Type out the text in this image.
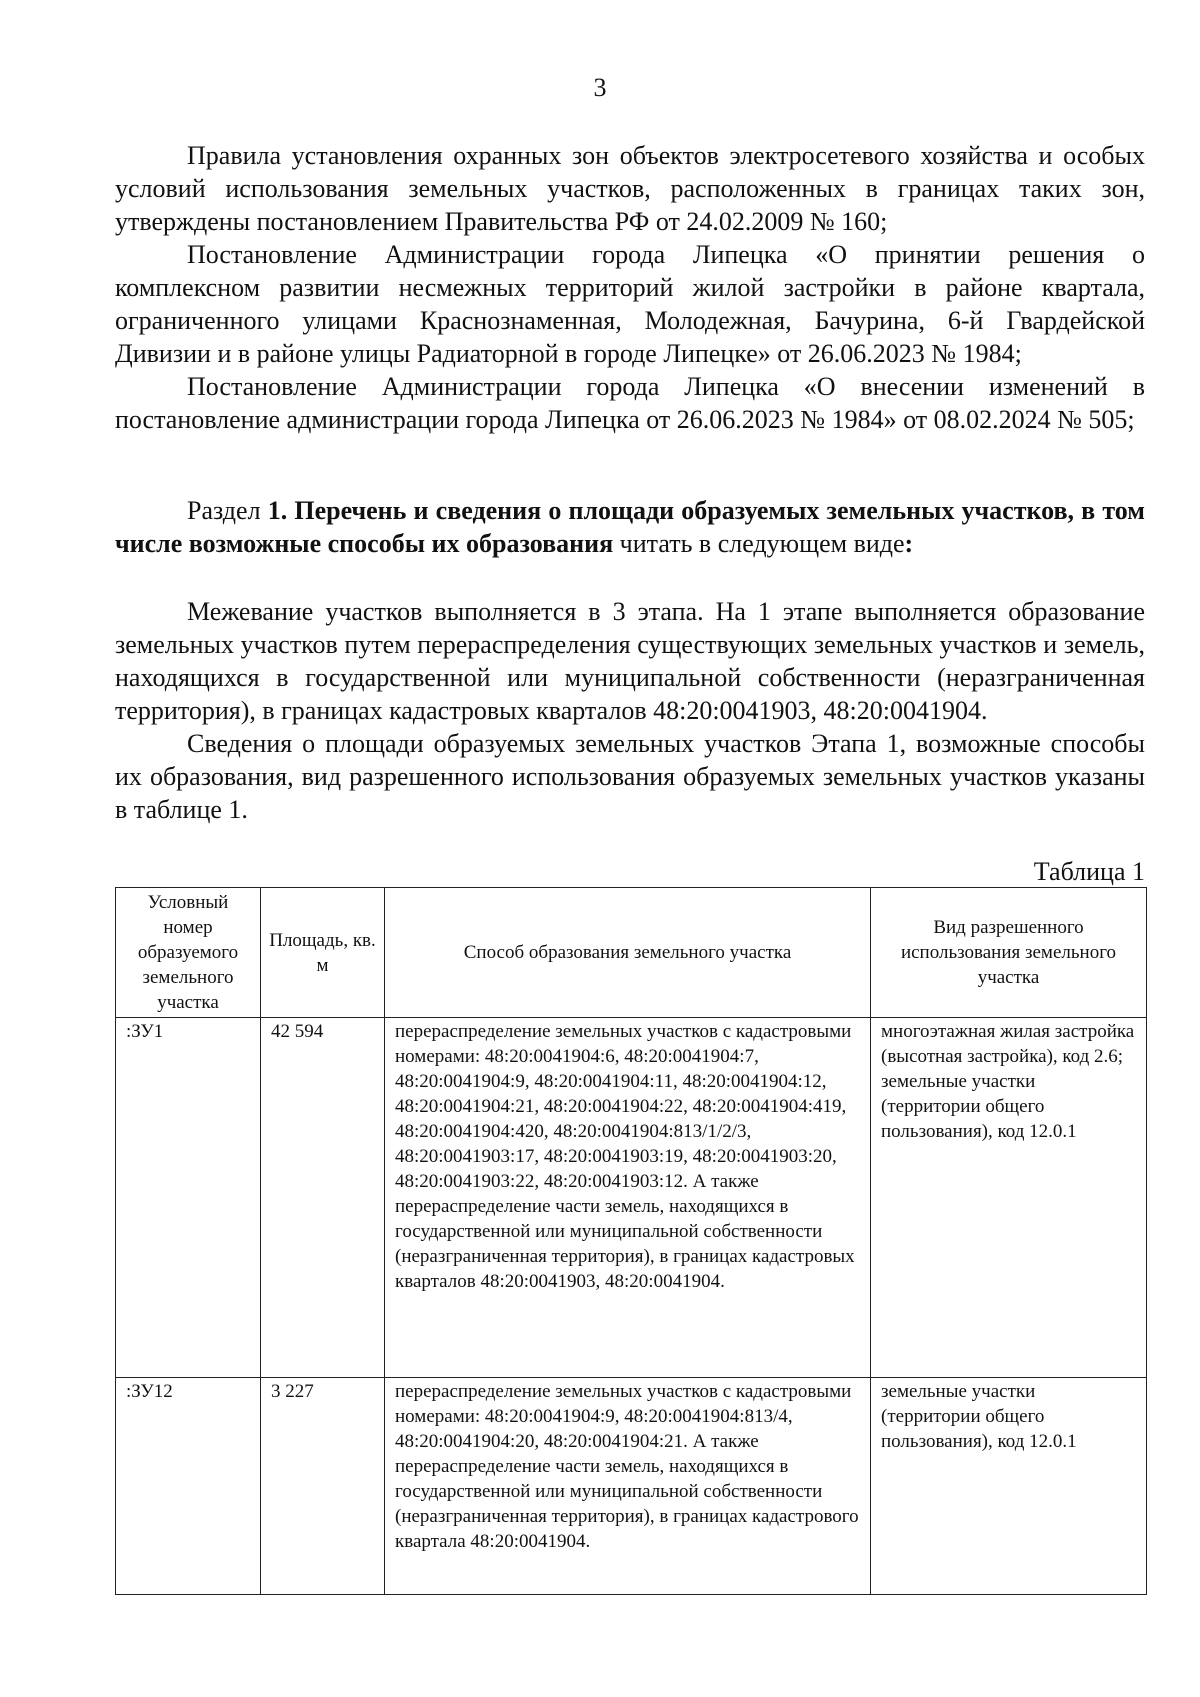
3

Правила установления охранных зон объектов электросетевого хозяйства и особых условий использования земельных участков, расположенных в границах таких зон, утверждены постановлением Правительства РФ от 24.02.2009 № 160;

Постановление Администрации города Липецка «О принятии решения о комплексном развитии несмежных территорий жилой застройки в районе квартала, ограниченного улицами Краснознаменная, Молодежная, Бачурина, 6-й Гвардейской Дивизии и в районе улицы Радиаторной в городе Липецке» от 26.06.2023 № 1984;

Постановление Администрации города Липецка «О внесении изменений в постановление администрации города Липецка от 26.06.2023 № 1984» от 08.02.2024 № 505;

Раздел 1. Перечень и сведения о площади образуемых земельных участков, в том числе возможные способы их образования читать в следующем виде:

Межевание участков выполняется в 3 этапа. На 1 этапе выполняется образование земельных участков путем перераспределения существующих земельных участков и земель, находящихся в государственной или муниципальной собственности (неразграниченная территория), в границах кадастровых кварталов 48:20:0041903, 48:20:0041904.

Сведения о площади образуемых земельных участков Этапа 1, возможные способы их образования, вид разрешенного использования образуемых земельных участков указаны в таблице 1.

Таблица 1
Условный номер образуемого земельного участка	Площадь, кв. м	Способ образования земельного участка	Вид разрешенного использования земельного участка
:ЗУ1	42 594	перераспределение земельных участков с кадастровыми номерами: 48:20:0041904:6, 48:20:0041904:7, 48:20:0041904:9, 48:20:0041904:11, 48:20:0041904:12, 48:20:0041904:21, 48:20:0041904:22, 48:20:0041904:419, 48:20:0041904:420, 48:20:0041904:813/1/2/3, 48:20:0041903:17, 48:20:0041903:19, 48:20:0041903:20, 48:20:0041903:22, 48:20:0041903:12. А также перераспределение части земель, находящихся в государственной или муниципальной собственности (неразграниченная территория), в границах кадастровых кварталов 48:20:0041903, 48:20:0041904.	многоэтажная жилая застройка (высотная застройка), код 2.6; земельные участки (территории общего пользования), код 12.0.1
:ЗУ12	3 227	перераспределение земельных участков с кадастровыми номерами: 48:20:0041904:9, 48:20:0041904:813/4, 48:20:0041904:20, 48:20:0041904:21. А также перераспределение части земель, находящихся в государственной или муниципальной собственности (неразграниченная территория), в границах кадастрового квартала 48:20:0041904.	земельные участки (территории общего пользования), код 12.0.1
